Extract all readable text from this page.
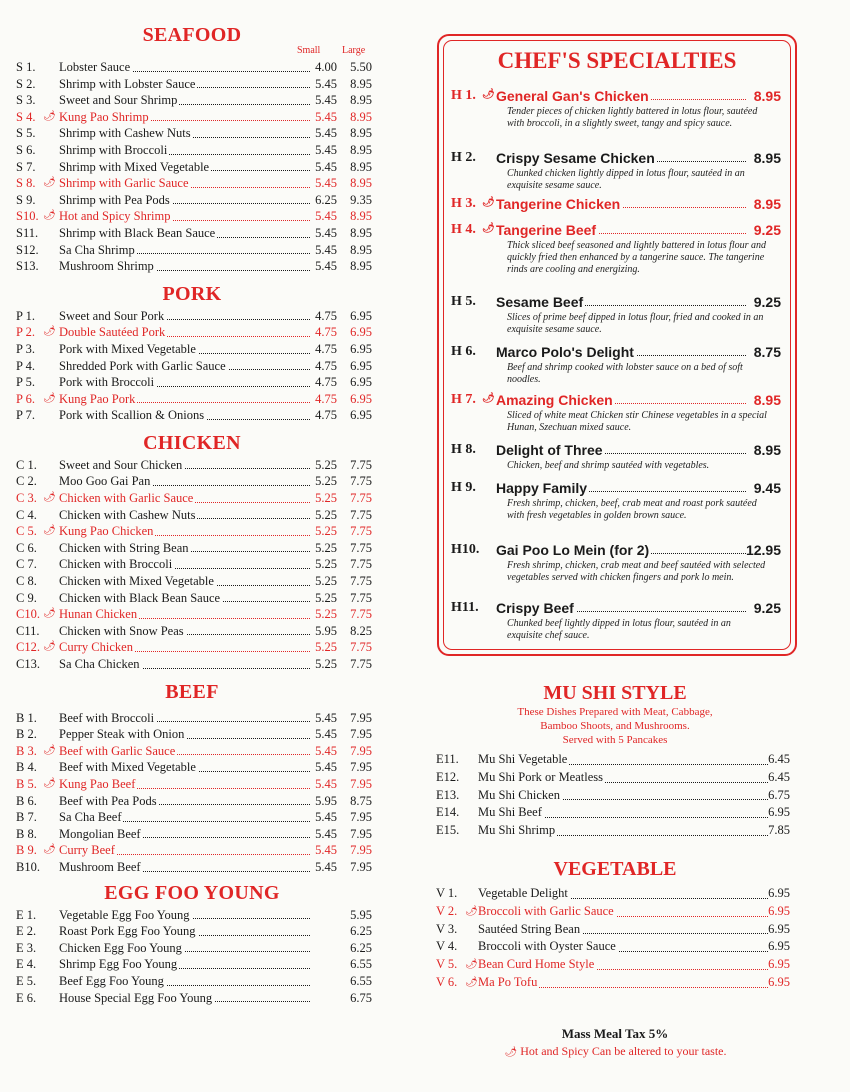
SEAFOOD
Small Large
S 1. Lobster Sauce	4.00	5.50
S 2. Shrimp with Lobster Sauce	5.45	8.95
S 3. Sweet and Sour Shrimp	5.45	8.95
S 4. Kung Pao Shrimp	5.45	8.95
🌶︎
S 5. Shrimp with Cashew Nuts	5.45	8.95
S 6. Shrimp with Broccoli	5.45	8.95
S 7. Shrimp with Mixed Vegetable	5.45	8.95
S 8. Shrimp with Garlic Sauce	5.45	8.95
🌶︎
S 9. Shrimp with Pea Pods	6.25	9.35
S10. Hot and Spicy Shrimp	5.45	8.95
🌶︎
S11. Shrimp with Black Bean Sauce	5.45	8.95
S12. Sa Cha Shrimp	5.45	8.95
S13. Mushroom Shrimp	5.45	8.95
PORK
P 1. Sweet and Sour Pork	4.75	6.95
P 2. Double Sautéed Pork	4.75	6.95
🌶︎
P 3. Pork with Mixed Vegetable	4.75	6.95
P 4. Shredded Pork with Garlic Sauce	4.75	6.95
P 5. Pork with Broccoli	4.75	6.95
P 6. Kung Pao Pork	4.75	6.95
🌶︎
P 7. Pork with Scallion & Onions	4.75	6.95
CHICKEN
C 1. Sweet and Sour Chicken	5.25	7.75
C 2. Moo Goo Gai Pan	5.25	7.75
C 3. Chicken with Garlic Sauce	5.25	7.75
🌶︎
C 4. Chicken with Cashew Nuts	5.25	7.75
C 5. Kung Pao Chicken	5.25	7.75
🌶︎
C 6. Chicken with String Bean	5.25	7.75
C 7. Chicken with Broccoli	5.25	7.75
C 8. Chicken with Mixed Vegetable	5.25	7.75
C 9. Chicken with Black Bean Sauce	5.25	7.75
C10. Hunan Chicken	5.25	7.75
🌶︎
C11. Chicken with Snow Peas	5.95	8.25
C12. Curry Chicken	5.25	7.75
🌶︎
C13. Sa Cha Chicken	5.25	7.75
BEEF
B 1. Beef with Broccoli	5.45	7.95
B 2. Pepper Steak with Onion	5.45	7.95
B 3. Beef with Garlic Sauce	5.45	7.95
🌶︎
B 4. Beef with Mixed Vegetable	5.45	7.95
B 5. Kung Pao Beef	5.45	7.95
🌶︎
B 6. Beef with Pea Pods	5.95	8.75
B 7. Sa Cha Beef	5.45	7.95
B 8. Mongolian Beef	5.45	7.95
B 9. Curry Beef	5.45	7.95
🌶︎
B10. Mushroom Beef	5.45	7.95
EGG FOO YOUNG
E 1. Vegetable Egg Foo Young	5.95
E 2. Roast Pork Egg Foo Young	6.25
E 3. Chicken Egg Foo Young	6.25
E 4. Shrimp Egg Foo Young	6.55
E 5. Beef Egg Foo Young	6.55
E 6. House Special Egg Foo Young	6.75
CHEF'S SPECIALTIES
H 1. General Gan's Chicken	8.95
🌶︎
Tender pieces of chicken lightly battered in lotus flour, sautéed with broccoli, in a slightly sweet, tangy and spicy sauce.
H 2. Crispy Sesame Chicken	8.95
Chunked chicken lightly dipped in lotus flour, sautéed in an exquisite sesame sauce.
H 3. Tangerine Chicken	8.95
🌶︎
H 4. Tangerine Beef	9.25
🌶︎
Thick sliced beef seasoned and lightly battered in lotus flour and quickly fried then enhanced by a tangerine sauce. The tangerine rinds are cooling and energizing.
H 5. Sesame Beef	9.25
Slices of prime beef dipped in lotus flour, fried and cooked in an exquisite sesame sauce.
H 6. Marco Polo's Delight	8.75
Beef and shrimp cooked with lobster sauce on a bed of soft noodles.
H 7. Amazing Chicken	8.95
🌶︎
Sliced of white meat Chicken stir Chinese vegetables in a special Hunan, Szechuan mixed sauce.
H 8. Delight of Three	8.95
Chicken, beef and shrimp sautéed with vegetables.
H 9. Happy Family	9.45
Fresh shrimp, chicken, beef, crab meat and roast pork sautéed with fresh vegetables in golden brown sauce.
H10. Gai Poo Lo Mein (for 2)	12.95
Fresh shrimp, chicken, crab meat and beef sautéed with selected vegetables served with chicken fingers and pork lo mein.
H11. Crispy Beef	9.25
Chunked beef lightly dipped in lotus flour, sautéed in an exquisite chef sauce.
MU SHI STYLE
These Dishes Prepared with Meat, Cabbage,
Bamboo Shoots, and Mushrooms.
Served with 5 Pancakes
E11. Mu Shi Vegetable	6.45
E12. Mu Shi Pork or Meatless	6.45
E13. Mu Shi Chicken	6.75
E14. Mu Shi Beef	6.95
E15. Mu Shi Shrimp	7.85
VEGETABLE
V 1. Vegetable Delight	6.95
V 2. Broccoli with Garlic Sauce	6.95
🌶︎
V 3. Sautéed String Bean	6.95
V 4. Broccoli with Oyster Sauce	6.95
V 5. Bean Curd Home Style	6.95
🌶︎
V 6. Ma Po Tofu	6.95
🌶︎
Mass Meal Tax 5%
🌶︎ Hot and Spicy Can be altered to your taste.
